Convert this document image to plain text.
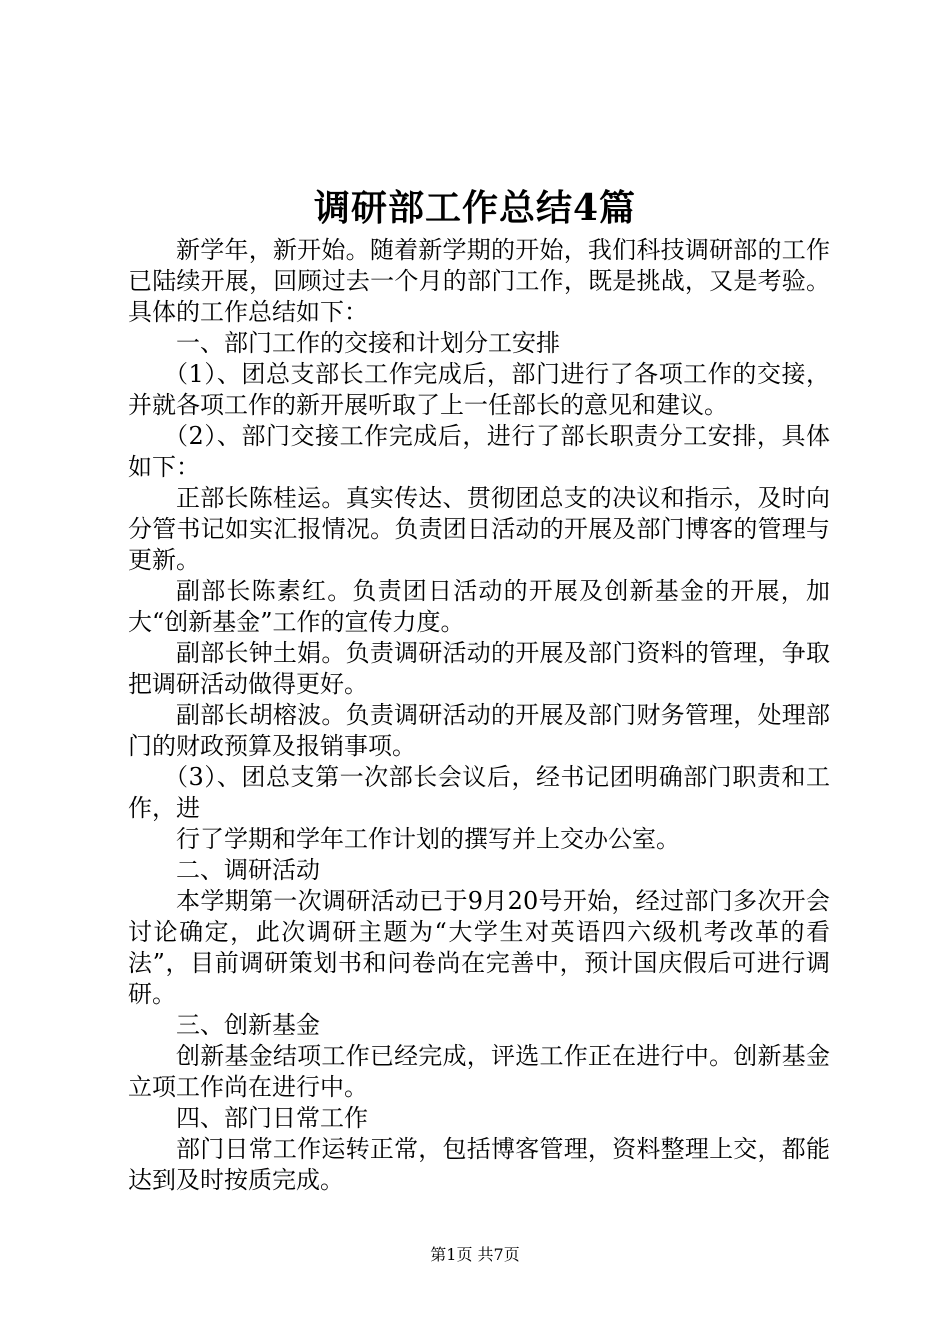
调研部工作总结4篇

新学年，新开始。随着新学期的开始，我们科技调研部的工作已陆续开展，回顾过去一个月的部门工作，既是挑战，又是考验。具体的工作总结如下：

一、部门工作的交接和计划分工安排

（1）、团总支部长工作完成后，部门进行了各项工作的交接，并就各项工作的新开展听取了上一任部长的意见和建议。

（2）、部门交接工作完成后，进行了部长职责分工安排，具体如下：

正部长陈桂运。真实传达、贯彻团总支的决议和指示，及时向分管书记如实汇报情况。负责团日活动的开展及部门博客的管理与更新。

副部长陈素红。负责团日活动的开展及创新基金的开展，加大“创新基金”工作的宣传力度。

副部长钟土娟。负责调研活动的开展及部门资料的管理，争取把调研活动做得更好。

副部长胡榕波。负责调研活动的开展及部门财务管理，处理部门的财政预算及报销事项。

（3）、团总支第一次部长会议后，经书记团明确部门职责和工作，进

行了学期和学年工作计划的撰写并上交办公室。

二、调研活动

本学期第一次调研活动已于9月20号开始，经过部门多次开会讨论确定，此次调研主题为“大学生对英语四六级机考改革的看法”，目前调研策划书和问卷尚在完善中，预计国庆假后可进行调研。

三、创新基金

创新基金结项工作已经完成，评选工作正在进行中。创新基金立项工作尚在进行中。

四、部门日常工作

部门日常工作运转正常，包括博客管理，资料整理上交，都能达到及时按质完成。

第1页 共7页
